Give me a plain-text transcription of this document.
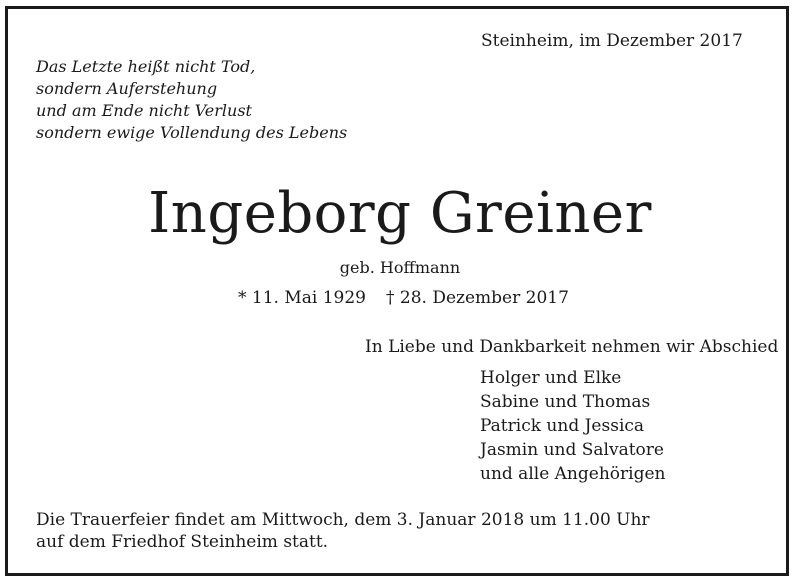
Steinheim, im Dezember 2017
Das Letzte heißt nicht Tod,
sondern Auferstehung
und am Ende nicht Verlust
sondern ewige Vollendung des Lebens
Ingeborg Greiner
geb. Hoffmann
* 11. Mai 1929 † 28. Dezember 2017
In Liebe und Dankbarkeit nehmen wir Abschied
Holger und Elke
Sabine und Thomas
Patrick und Jessica
Jasmin und Salvatore
und alle Angehörigen
Die Trauerfeier findet am Mittwoch, dem 3. Januar 2018 um 11.00 Uhr
auf dem Friedhof Steinheim statt.
